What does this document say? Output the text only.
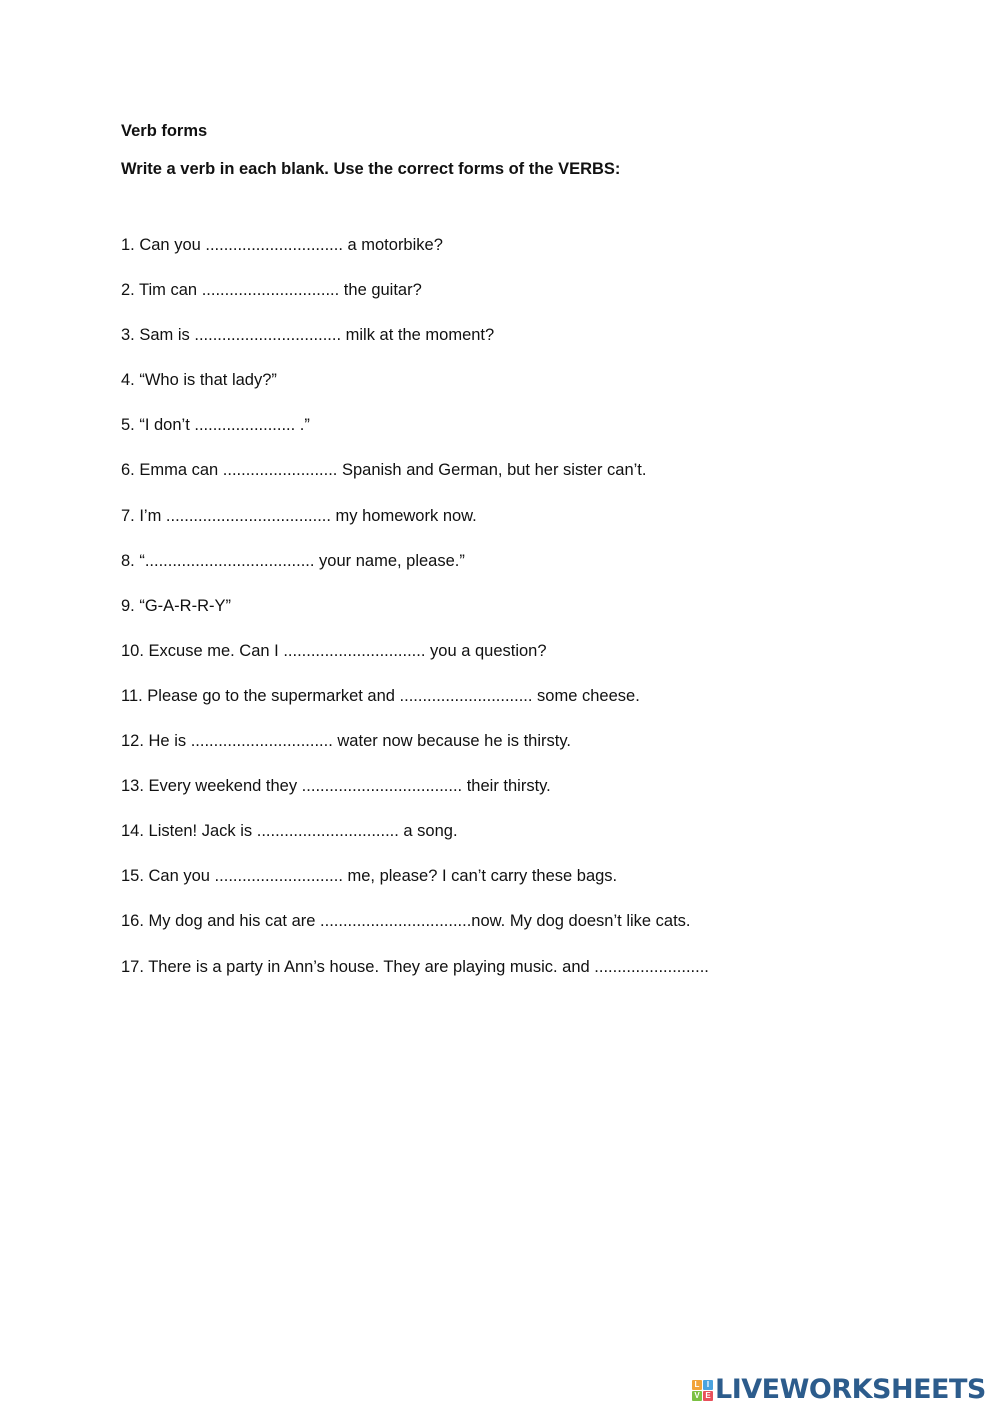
Verb forms

Write a verb in each blank. Use the correct forms of the VERBS:

1. Can you .............................. a motorbike?
2. Tim can .............................. the guitar?
3. Sam is ................................ milk at the moment?
4. “Who is that lady?”
5. “I don’t ...................... .”
6. Emma can ......................... Spanish and German, but her sister can’t.
7. I’m .................................... my homework now.
8. “..................................... your name, please.”
9. “G-A-R-R-Y”
10. Excuse me. Can I ............................... you a question?
11. Please go to the supermarket and ............................. some cheese.
12. He is ............................... water now because he is thirsty.
13. Every weekend they ................................... their thirsty.
14. Listen! Jack is ............................... a song.
15. Can you ............................ me, please? I can’t carry these bags.
16. My dog and his cat are .................................now. My dog doesn’t like cats.
17. There is a party in Ann’s house. They are playing music. and .........................
L I
V E LIVEWORKSHEETS
